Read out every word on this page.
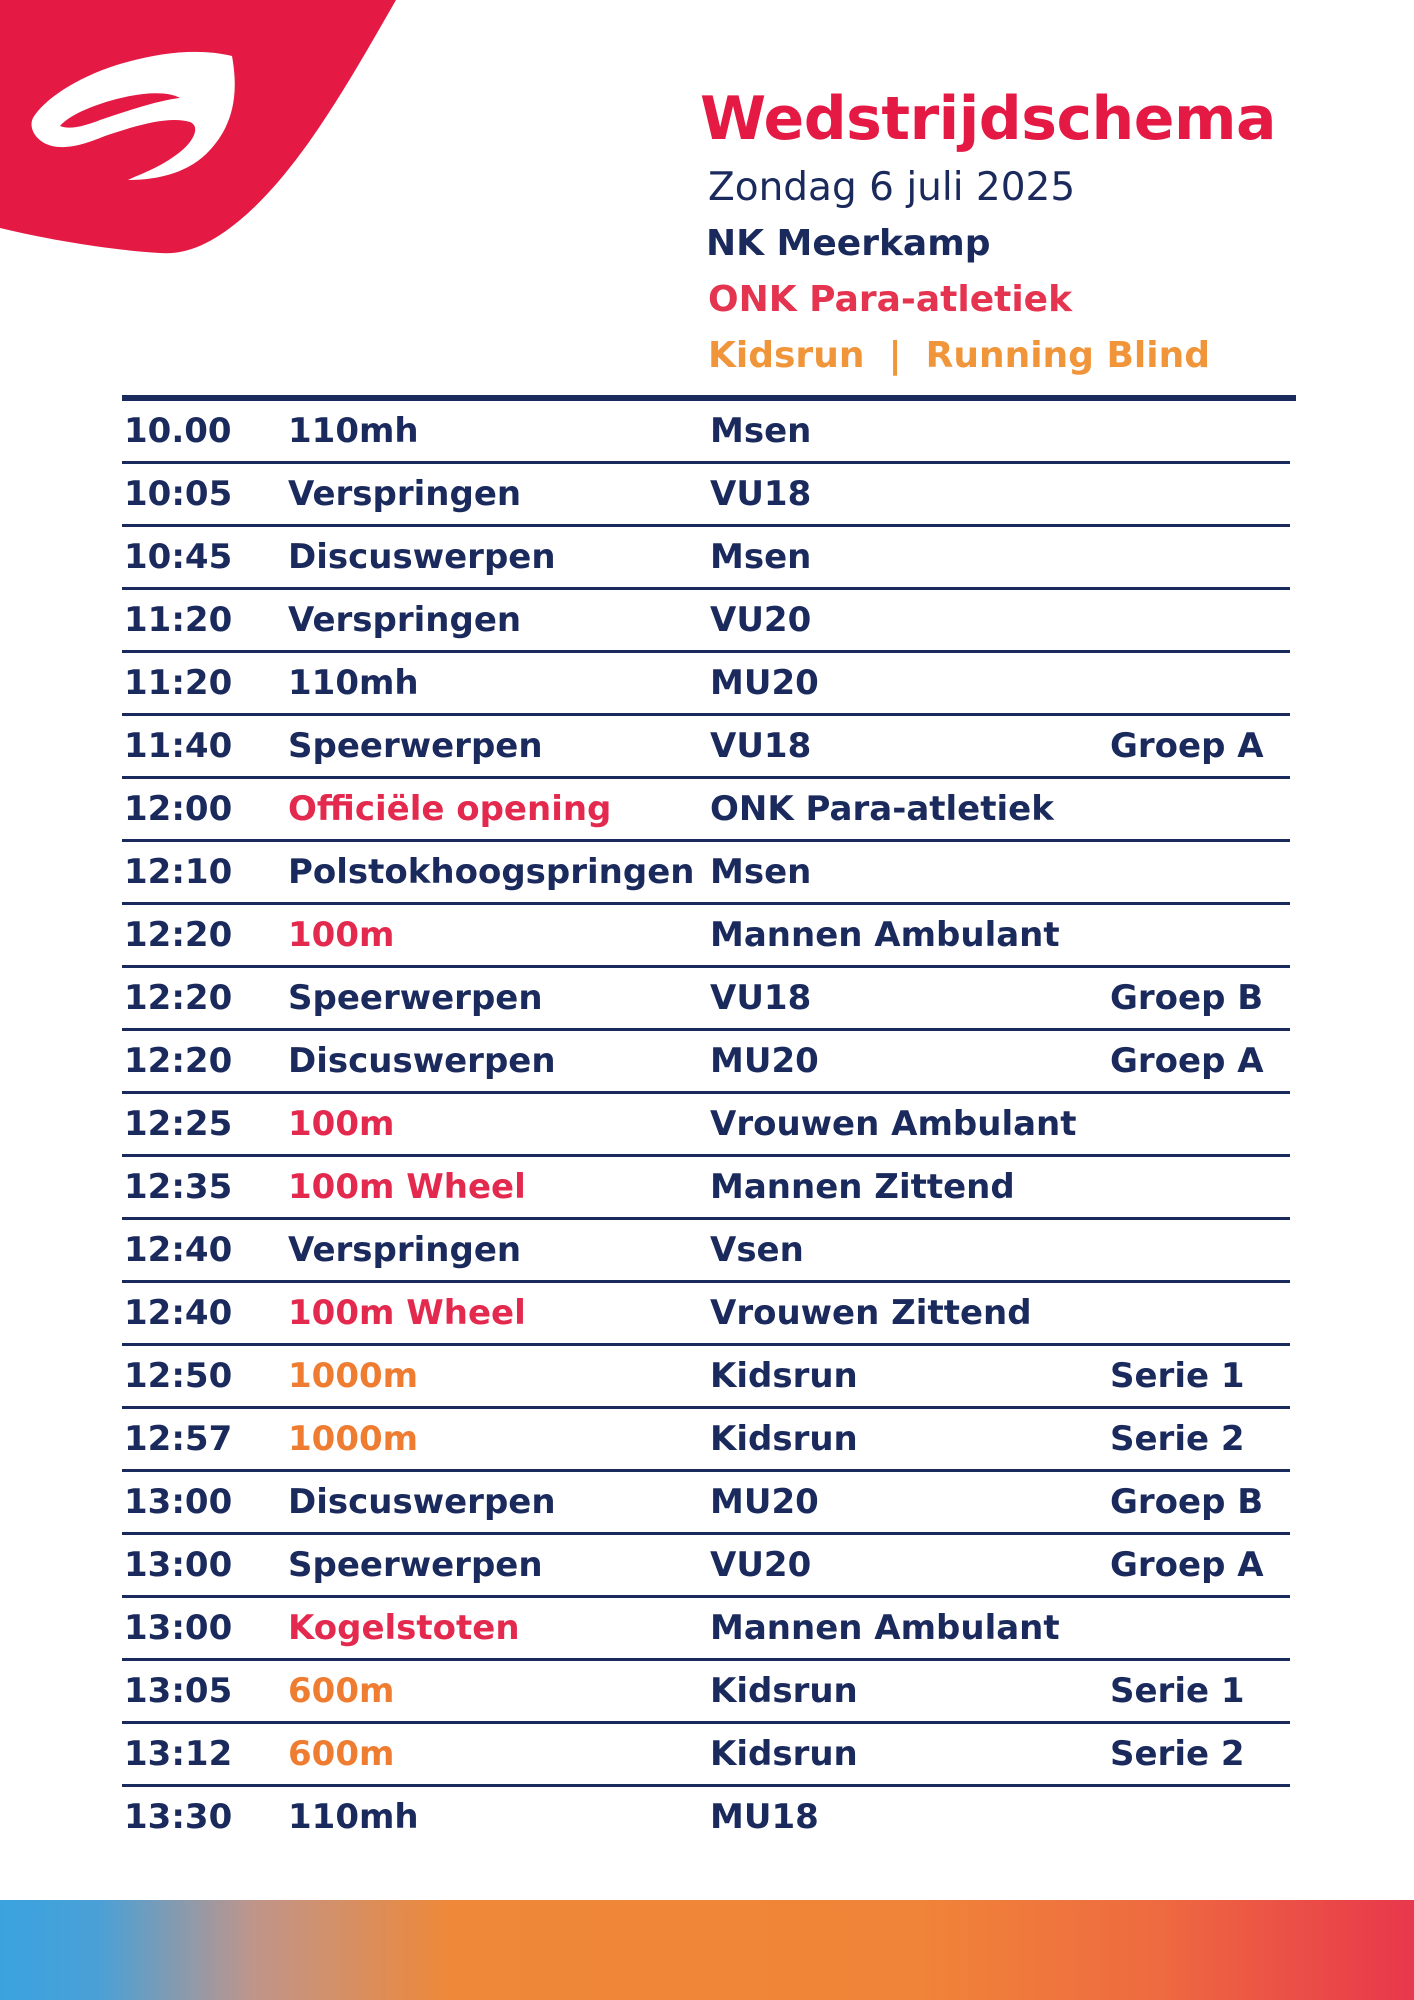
Wedstrijdschema
Zondag 6 juli 2025
NK Meerkamp
ONK Para-atletiek
Kidsrun | Running Blind
10.00 110mh	Msen
10:05 Verspringen	VU18
10:45 Discuswerpen	Msen
11:20 Verspringen	VU20
11:20 110mh	MU20
11:40 Speerwerpen	VU18	Groep A
12:00 Officiële opening	ONK Para-atletiek
12:10 Polstokhoogspringen Msen
12:20 100m	Mannen Ambulant
12:20 Speerwerpen	VU18	Groep B
12:20 Discuswerpen	MU20	Groep A
12:25 100m	Vrouwen Ambulant
12:35 100m Wheel	Mannen Zittend
12:40 Verspringen	Vsen
12:40 100m Wheel	Vrouwen Zittend
12:50 1000m	Kidsrun	Serie 1
12:57 1000m	Kidsrun	Serie 2
13:00 Discuswerpen	MU20	Groep B
13:00 Speerwerpen	VU20	Groep A
13:00 Kogelstoten	Mannen Ambulant
13:05 600m	Kidsrun	Serie 1
13:12 600m	Kidsrun	Serie 2
13:30 110mh	MU18
